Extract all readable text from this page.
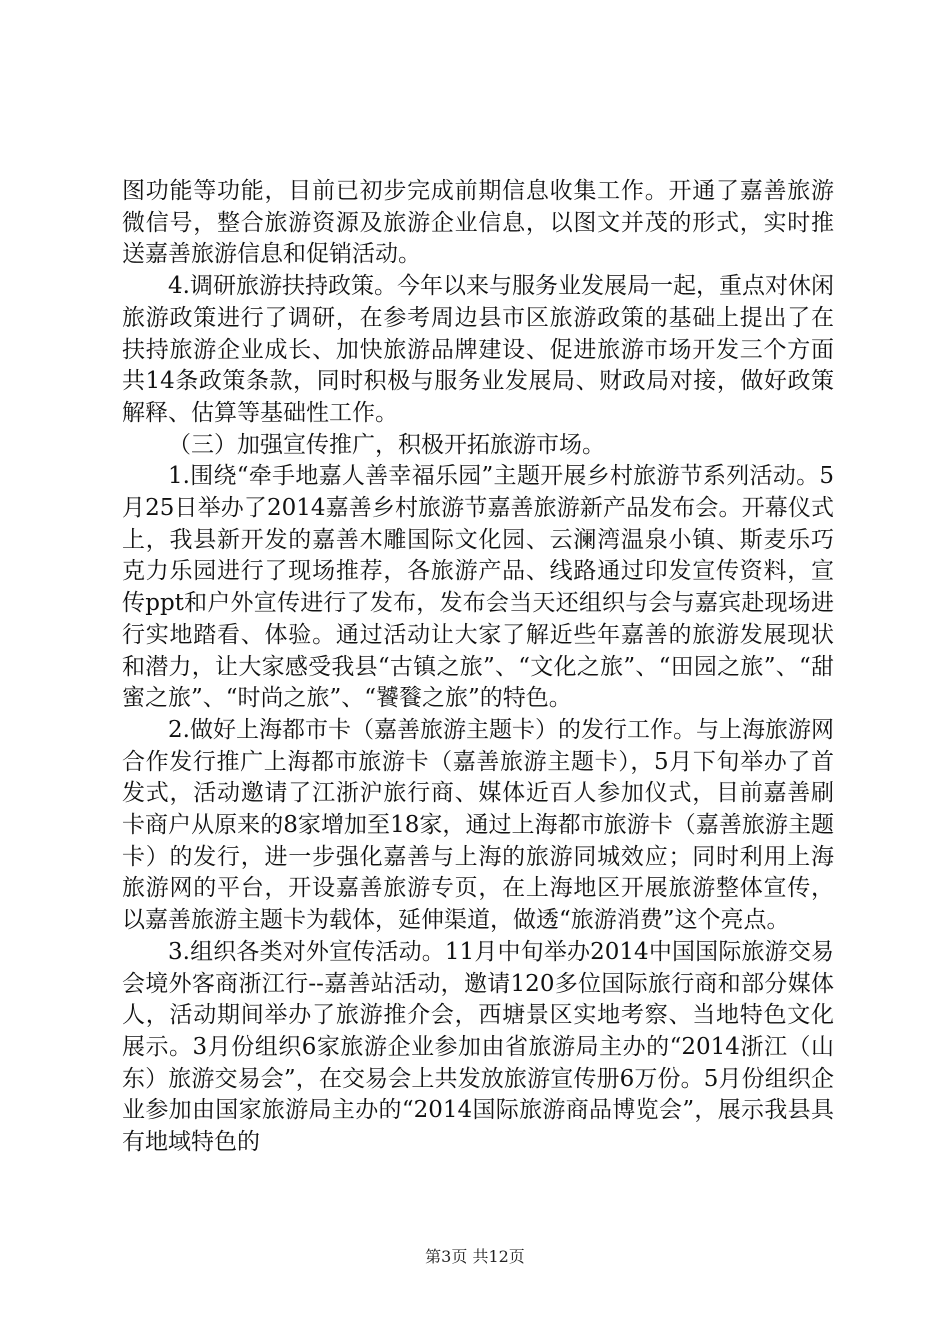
图功能等功能，目前已初步完成前期信息收集工作。开通了嘉善旅游微信号，整合旅游资源及旅游企业信息，以图文并茂的形式，实时推送嘉善旅游信息和促销活动。

4.调研旅游扶持政策。今年以来与服务业发展局一起，重点对休闲旅游政策进行了调研，在参考周边县市区旅游政策的基础上提出了在扶持旅游企业成长、加快旅游品牌建设、促进旅游市场开发三个方面共14条政策条款，同时积极与服务业发展局、财政局对接，做好政策解释、估算等基础性工作。

（三）加强宣传推广，积极开拓旅游市场。

1.围绕“牵手地嘉人善幸福乐园”主题开展乡村旅游节系列活动。5月25日举办了2014嘉善乡村旅游节嘉善旅游新产品发布会。开幕仪式上，我县新开发的嘉善木雕国际文化园、云澜湾温泉小镇、斯麦乐巧克力乐园进行了现场推荐，各旅游产品、线路通过印发宣传资料，宣传ppt和户外宣传进行了发布，发布会当天还组织与会与嘉宾赴现场进行实地踏看、体验。通过活动让大家了解近些年嘉善的旅游发展现状和潜力，让大家感受我县“古镇之旅”、“文化之旅”、“田园之旅”、“甜蜜之旅”、“时尚之旅”、“饕餮之旅”的特色。

2.做好上海都市卡（嘉善旅游主题卡）的发行工作。与上海旅游网合作发行推广上海都市旅游卡（嘉善旅游主题卡），5月下旬举办了首发式，活动邀请了江浙沪旅行商、媒体近百人参加仪式，目前嘉善刷卡商户从原来的8家增加至18家，通过上海都市旅游卡（嘉善旅游主题卡）的发行，进一步强化嘉善与上海的旅游同城效应；同时利用上海旅游网的平台，开设嘉善旅游专页，在上海地区开展旅游整体宣传，以嘉善旅游主题卡为载体，延伸渠道，做透“旅游消费”这个亮点。

3.组织各类对外宣传活动。11月中旬举办2014中国国际旅游交易会境外客商浙江行--嘉善站活动，邀请120多位国际旅行商和部分媒体人，活动期间举办了旅游推介会，西塘景区实地考察、当地特色文化展示。3月份组织6家旅游企业参加由省旅游局主办的“2014浙江（山东）旅游交易会”，在交易会上共发放旅游宣传册6万份。5月份组织企业参加由国家旅游局主办的“2014国际旅游商品博览会”，展示我县具有地域特色的

第3页 共12页
